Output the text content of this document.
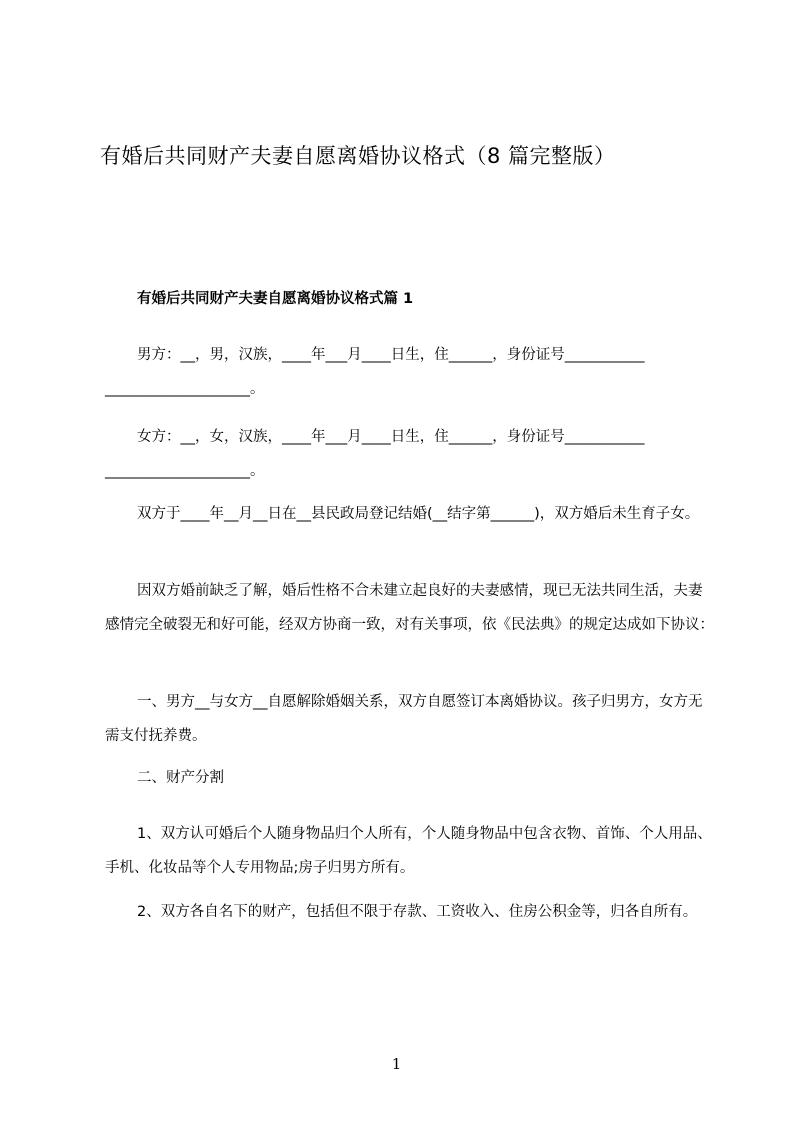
有婚后共同财产夫妻自愿离婚协议格式（8 篇完整版）
有婚后共同财产夫妻自愿离婚协议格式篇 1

男方：__，男，汉族，____年___月____日生，住______，身份证号___________ ____________________。

女方：__，女，汉族，____年___月____日生，住______，身份证号___________ ____________________。

双方于____年__月__日在__县民政局登记结婚(__结字第______)，双方婚后未生育子女。

因双方婚前缺乏了解，婚后性格不合未建立起良好的夫妻感情，现已无法共同生活，夫妻感情完全破裂无和好可能，经双方协商一致，对有关事项，依《民法典》的规定达成如下协议：

一、男方__与女方__自愿解除婚姻关系，双方自愿签订本离婚协议。孩子归男方，女方无需支付抚养费。

二、财产分割

1、双方认可婚后个人随身物品归个人所有，个人随身物品中包含衣物、首饰、个人用品、手机、化妆品等个人专用物品;房子归男方所有。

2、双方各自名下的财产，包括但不限于存款、工资收入、住房公积金等，归各自所有。

1
